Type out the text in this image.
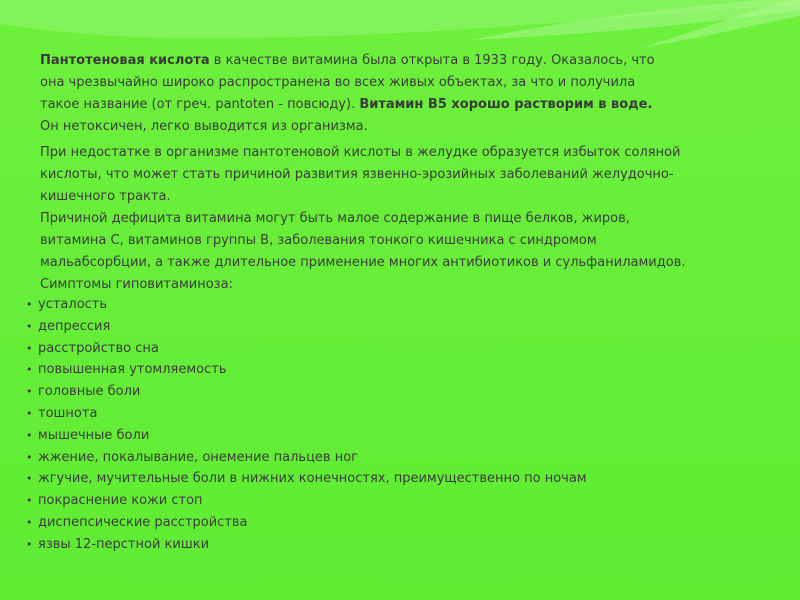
Пантотеновая кислота в качестве витамина была открыта в 1933 году. Оказалось, что
она чрезвычайно широко распространена во всех живых объектах, за что и получила
такое название (от греч. pantoten - повсюду). Витамин B5 хорошо растворим в воде.
Он нетоксичен, легко выводится из организма.

При недостатке в организме пантотеновой кислоты в желудке образуется избыток соляной
кислоты, что может стать причиной развития язвенно-эрозийных заболеваний желудочно-
кишечного тракта.
Причиной дефицита витамина могут быть малое содержание в пище белков, жиров,
витамина С, витаминов группы В, заболевания тонкого кишечника с синдромом
мальабсорбции, а также длительное применение многих антибиотиков и сульфаниламидов.
Симптомы гиповитаминоза:

• усталость
• депрессия
• расстройство сна
• повышенная утомляемость
• головные боли
• тошнота
• мышечные боли
• жжение, покалывание, онемение пальцев ног
• жгучие, мучительные боли в нижних конечностях, преимущественно по ночам
• покраснение кожи стоп
• диспепсические расстройства
• язвы 12-перстной кишки
